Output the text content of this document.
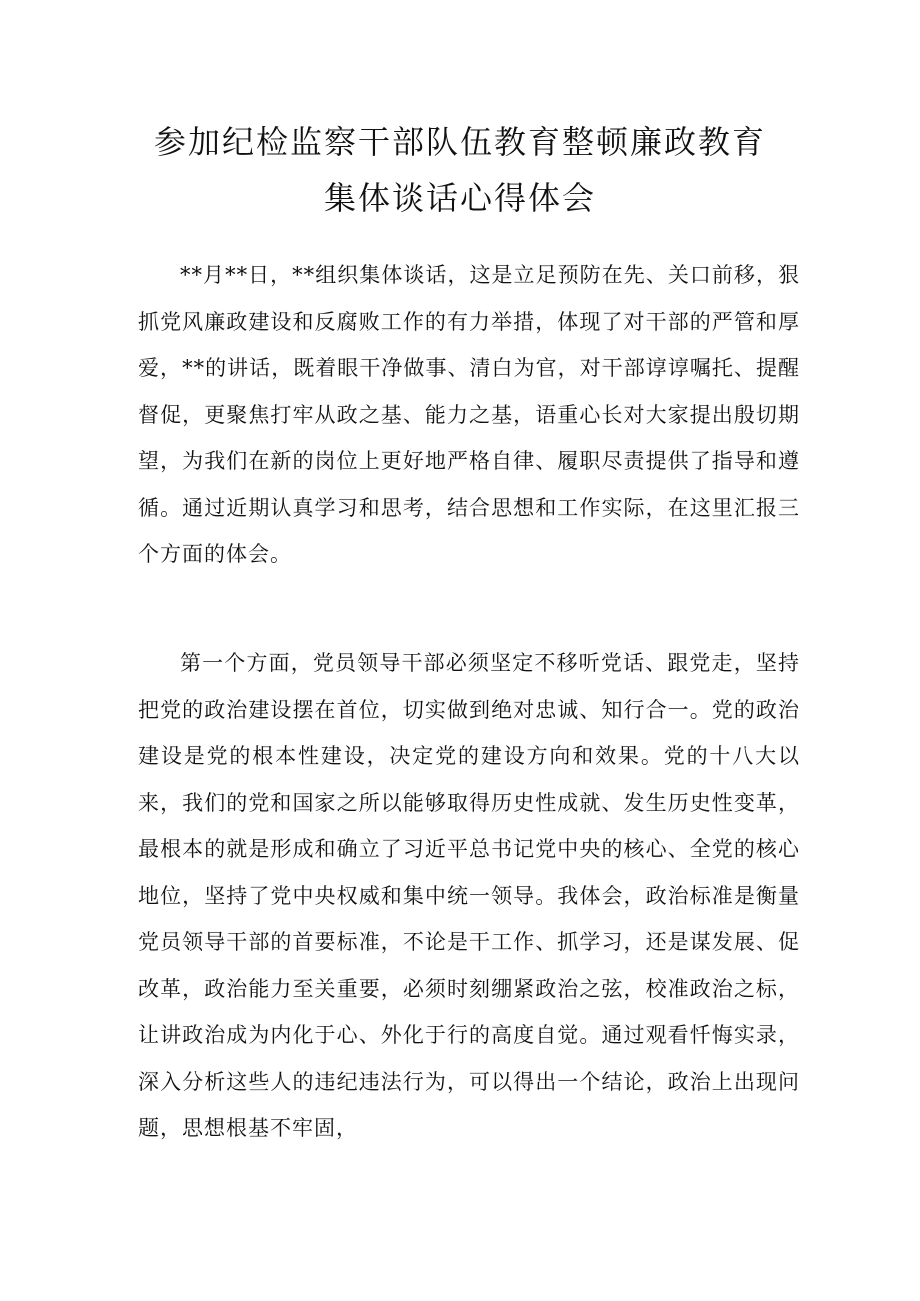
参加纪检监察干部队伍教育整顿廉政教育
集体谈话心得体会

**月**日，**组织集体谈话，这是立足预防在先、关口前移，狠抓党风廉政建设和反腐败工作的有力举措，体现了对干部的严管和厚爱，**的讲话，既着眼干净做事、清白为官，对干部谆谆嘱托、提醒督促，更聚焦打牢从政之基、能力之基，语重心长对大家提出殷切期望，为我们在新的岗位上更好地严格自律、履职尽责提供了指导和遵循。通过近期认真学习和思考，结合思想和工作实际，在这里汇报三个方面的体会。

第一个方面，党员领导干部必须坚定不移听党话、跟党走，坚持把党的政治建设摆在首位，切实做到绝对忠诚、知行合一。党的政治建设是党的根本性建设，决定党的建设方向和效果。党的十八大以来，我们的党和国家之所以能够取得历史性成就、发生历史性变革，最根本的就是形成和确立了习近平总书记党中央的核心、全党的核心地位，坚持了党中央权威和集中统一领导。我体会，政治标准是衡量党员领导干部的首要标准，不论是干工作、抓学习，还是谋发展、促改革，政治能力至关重要，必须时刻绷紧政治之弦，校准政治之标，让讲政治成为内化于心、外化于行的高度自觉。通过观看忏悔实录，深入分析这些人的违纪违法行为，可以得出一个结论，政治上出现问题，思想根基不牢固，
